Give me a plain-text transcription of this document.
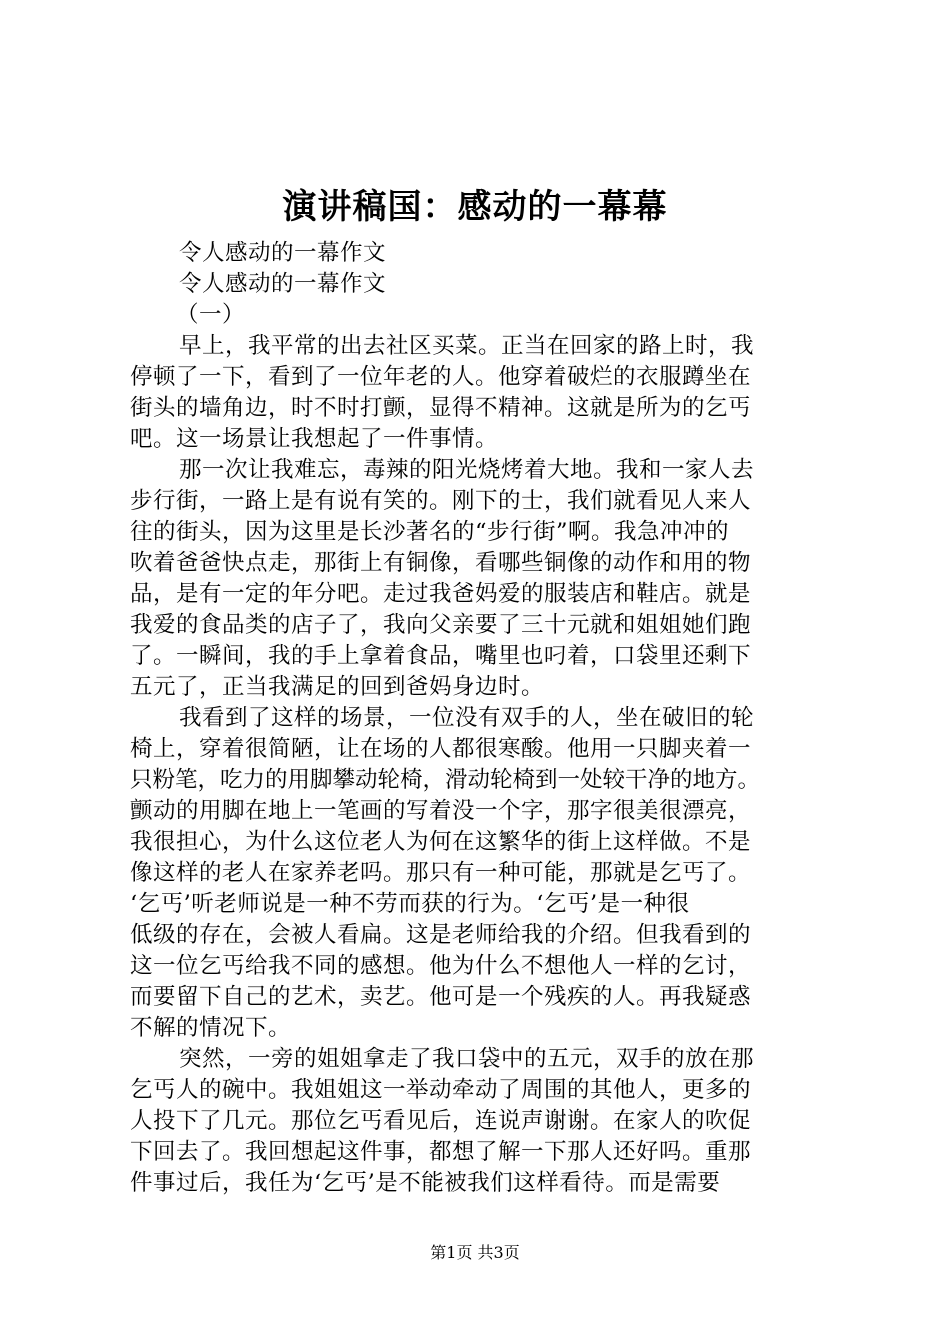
演讲稿国：感动的一幕幕

令人感动的一幕作文

令人感动的一幕作文

（一）

早上，我平常的出去社区买菜。正当在回家的路上时，我

停顿了一下，看到了一位年老的人。他穿着破烂的衣服蹲坐在

街头的墙角边，时不时打颤，显得不精神。这就是所为的乞丐

吧。这一场景让我想起了一件事情。

那一次让我难忘，毒辣的阳光烧烤着大地。我和一家人去

步行街，一路上是有说有笑的。刚下的士，我们就看见人来人

往的街头，因为这里是长沙著名的“步行街”啊。我急冲冲的

吹着爸爸快点走，那街上有铜像，看哪些铜像的动作和用的物

品，是有一定的年分吧。走过我爸妈爱的服装店和鞋店。就是

我爱的食品类的店子了，我向父亲要了三十元就和姐姐她们跑

了。一瞬间，我的手上拿着食品，嘴里也叼着，口袋里还剩下

五元了，正当我满足的回到爸妈身边时。

我看到了这样的场景，一位没有双手的人，坐在破旧的轮

椅上，穿着很简陋，让在场的人都很寒酸。他用一只脚夹着一

只粉笔，吃力的用脚攀动轮椅，滑动轮椅到一处较干净的地方。

颤动的用脚在地上一笔画的写着没一个字，那字很美很漂亮，

我很担心，为什么这位老人为何在这繁华的街上这样做。不是

像这样的老人在家养老吗。那只有一种可能，那就是乞丐了。

‘乞丐’听老师说是一种不劳而获的行为。‘乞丐’是一种很

低级的存在，会被人看扁。这是老师给我的介绍。但我看到的

这一位乞丐给我不同的感想。他为什么不想他人一样的乞讨，

而要留下自己的艺术，卖艺。他可是一个残疾的人。再我疑惑

不解的情况下。

突然，一旁的姐姐拿走了我口袋中的五元，双手的放在那

乞丐人的碗中。我姐姐这一举动牵动了周围的其他人，更多的

人投下了几元。那位乞丐看见后，连说声谢谢。在家人的吹促

下回去了。我回想起这件事，都想了解一下那人还好吗。重那

件事过后，我任为‘乞丐’是不能被我们这样看待。而是需要

第1页 共3页
